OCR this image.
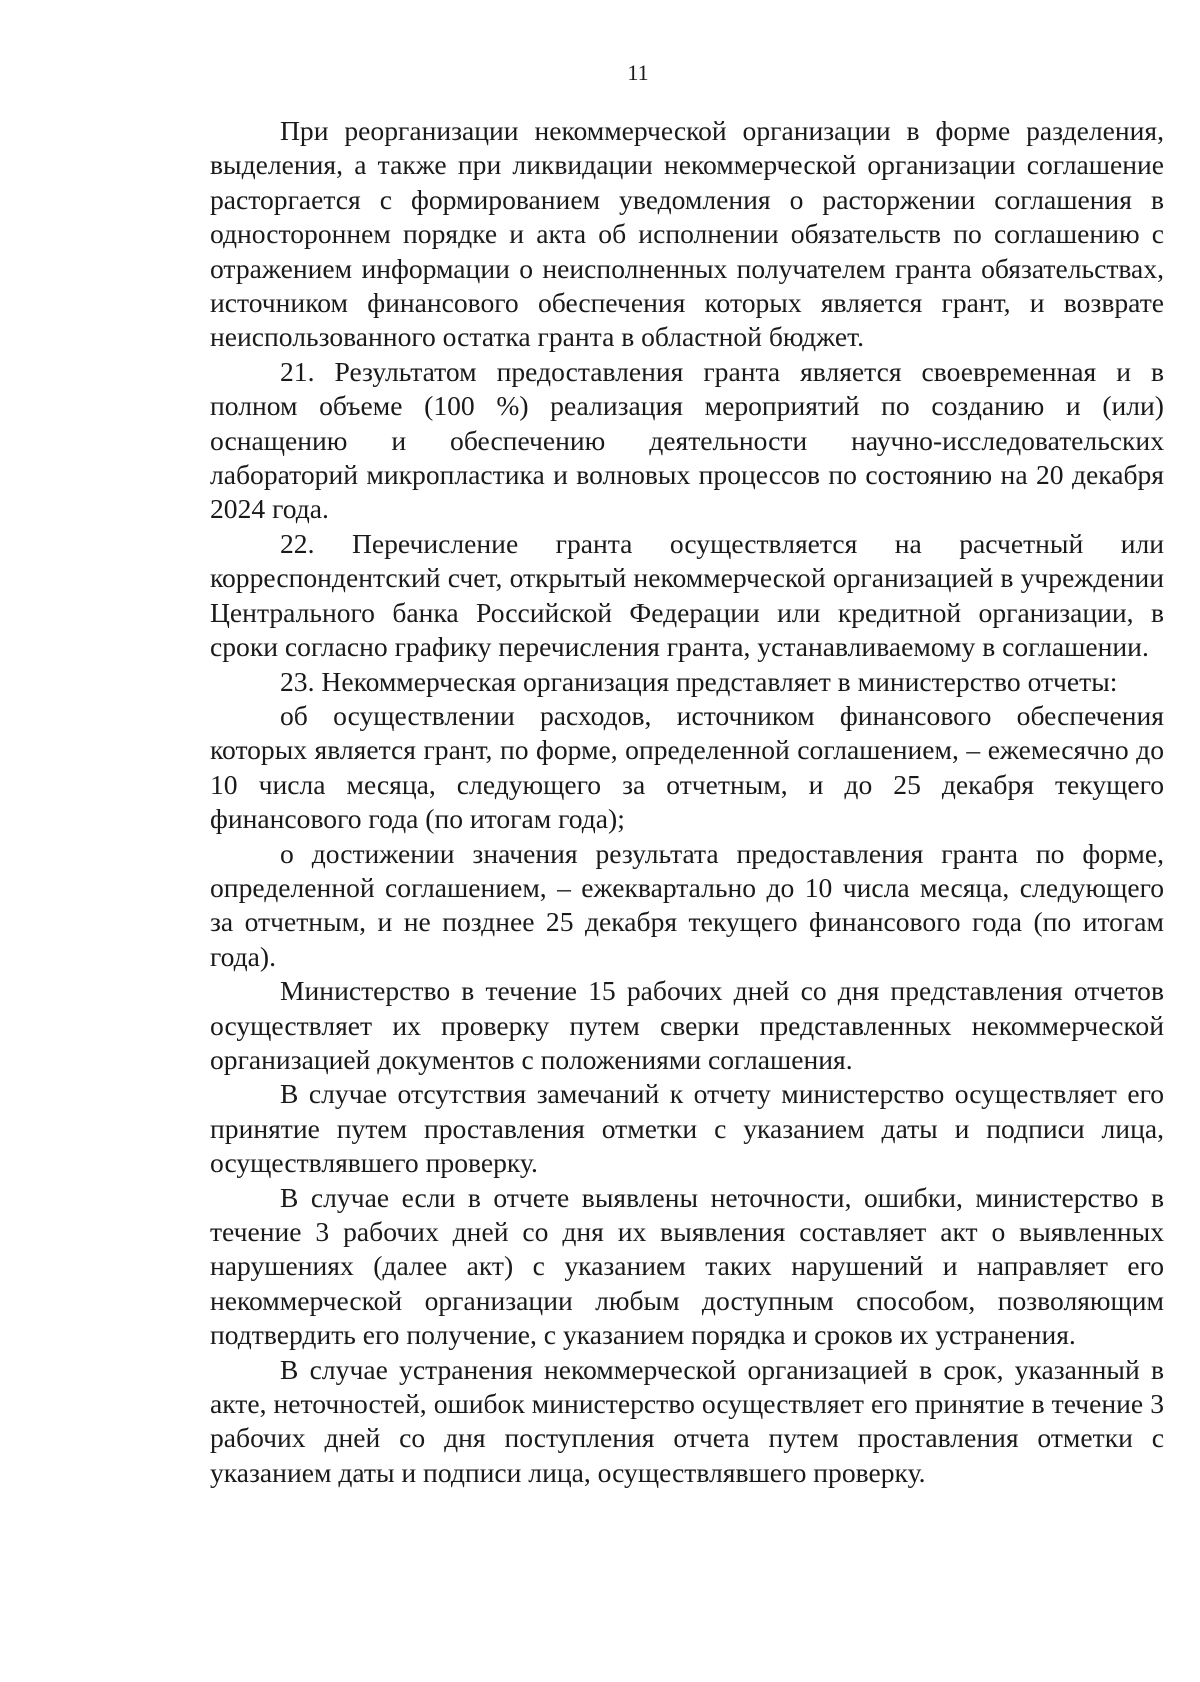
11

При реорганизации некоммерческой организации в форме разделения, выделения, а также при ликвидации некоммерческой организации соглашение расторгается с формированием уведомления о расторжении соглашения в одностороннем порядке и акта об исполнении обязательств по соглашению с отражением информации о неисполненных получателем гранта обязательствах, источником финансового обеспечения которых является грант, и возврате неиспользованного остатка гранта в областной бюджет.

21. Результатом предоставления гранта является своевременная и в полном объеме (100 %) реализация мероприятий по созданию и (или) оснащению и обеспечению деятельности научно-исследовательских лабораторий микропластика и волновых процессов по состоянию на 20 декабря 2024 года.

22. Перечисление гранта осуществляется на расчетный или корреспондентский счет, открытый некоммерческой организацией в учреждении Центрального банка Российской Федерации или кредитной организации, в сроки согласно графику перечисления гранта, устанавливаемому в соглашении.

23. Некоммерческая организация представляет в министерство отчеты:

об осуществлении расходов, источником финансового обеспечения которых является грант, по форме, определенной соглашением, – ежемесячно до 10 числа месяца, следующего за отчетным, и до 25 декабря текущего финансового года (по итогам года);

о достижении значения результата предоставления гранта по форме, определенной соглашением, – ежеквартально до 10 числа месяца, следующего за отчетным, и не позднее 25 декабря текущего финансового года (по итогам года).

Министерство в течение 15 рабочих дней со дня представления отчетов осуществляет их проверку путем сверки представленных некоммерческой организацией документов с положениями соглашения.

В случае отсутствия замечаний к отчету министерство осуществляет его принятие путем проставления отметки с указанием даты и подписи лица, осуществлявшего проверку.

В случае если в отчете выявлены неточности, ошибки, министерство в течение 3 рабочих дней со дня их выявления составляет акт о выявленных нарушениях (далее акт) с указанием таких нарушений и направляет его некоммерческой организации любым доступным способом, позволяющим подтвердить его получение, с указанием порядка и сроков их устранения.

В случае устранения некоммерческой организацией в срок, указанный в акте, неточностей, ошибок министерство осуществляет его принятие в течение 3 рабочих дней со дня поступления отчета путем проставления отметки с указанием даты и подписи лица, осуществлявшего проверку.
